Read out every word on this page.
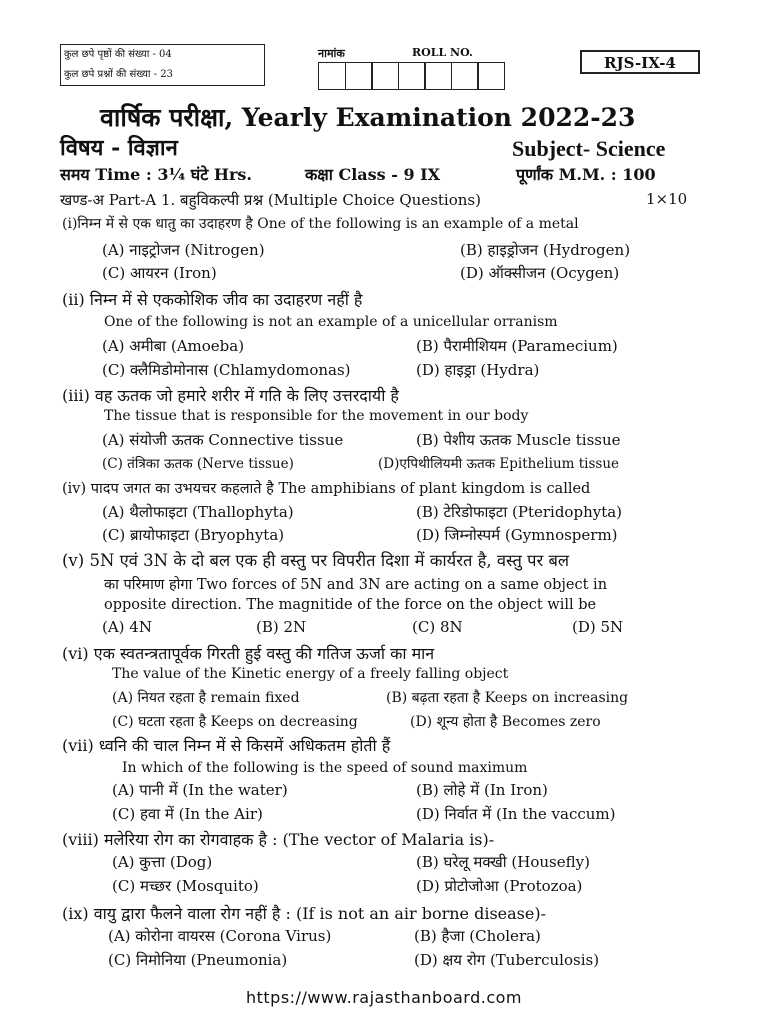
कुल छपे पृष्ठों की संख्या - 04
कुल छपे प्रश्नों की संख्या - 23
नामांक	ROLL NO.
RJS-IX-4
वार्षिक परीक्षा, Yearly Examination 2022-23
विषय - विज्ञान	Subject- Science
समय Time : 3¼ घंटे Hrs.	कक्षा Class - 9 IX	पूर्णांक M.M. : 100
खण्ड-अ Part-A 1. बहुविकल्पी प्रश्न (Multiple Choice Questions)	1×10
(i)निम्न में से एक धातु का उदाहरण है One of the following is an example of a metal
(A) नाइट्रोजन (Nitrogen)	(B) हाइड्रोजन (Hydrogen)
(C) आयरन (Iron)	(D) ऑक्सीजन (Ocygen)
(ii) निम्न में से एककोशिक जीव का उदाहरण नहीं है
One of the following is not an example of a unicellular orranism
(A) अमीबा (Amoeba)	(B) पैरामीशियम (Paramecium)
(C) क्लैमिडोमोनास (Chlamydomonas)	(D) हाइड्रा (Hydra)
(iii) वह ऊतक जो हमारे शरीर में गति के लिए उत्तरदायी है
The tissue that is responsible for the movement in our body
(A) संयोजी ऊतक Connective tissue	(B) पेशीय ऊतक Muscle tissue
(C) तंत्रिका ऊतक (Nerve tissue)	(D)एपिथीलियमी ऊतक Epithelium tissue
(iv) पादप जगत का उभयचर कहलाते है The amphibians of plant kingdom is called
(A) थैलोफाइटा (Thallophyta)	(B) टेरिडोफाइटा (Pteridophyta)
(C) ब्रायोफाइटा (Bryophyta)	(D) जिम्नोस्पर्म (Gymnosperm)
(v) 5N एवं 3N के दो बल एक ही वस्तु पर विपरीत दिशा में कार्यरत है, वस्तु पर बल
का परिमाण होगा Two forces of 5N and 3N are acting on a same object in
opposite direction. The magnitide of the force on the object will be
(A) 4N	(B) 2N	(C) 8N	(D) 5N
(vi) एक स्वतन्त्रतापूर्वक गिरती हुई वस्तु की गतिज ऊर्जा का मान
The value of the Kinetic energy of a freely falling object
(A) नियत रहता है remain fixed	(B) बढ़ता रहता है Keeps on increasing
(C) घटता रहता है Keeps on decreasing	(D) शून्य होता है Becomes zero
(vii) ध्वनि की चाल निम्न में से किसमें अधिकतम होती हैं
In which of the following is the speed of sound maximum
(A) पानी में (In the water)	(B) लोहे में (In Iron)
(C) हवा में (In the Air)	(D) निर्वात में (In the vaccum)
(viii) मलेरिया रोग का रोगवाहक है : (The vector of Malaria is)-
(A) कुत्ता (Dog)	(B) घरेलू मक्खी (Housefly)
(C) मच्छर (Mosquito)	(D) प्रोटोजोआ (Protozoa)
(ix) वायु द्वारा फैलने वाला रोग नहीं है : (If is not an air borne disease)-
(A) कोरोना वायरस (Corona Virus)	(B) हैजा (Cholera)
(C) निमोनिया (Pneumonia)	(D) क्षय रोग (Tuberculosis)
https://www.rajasthanboard.com
